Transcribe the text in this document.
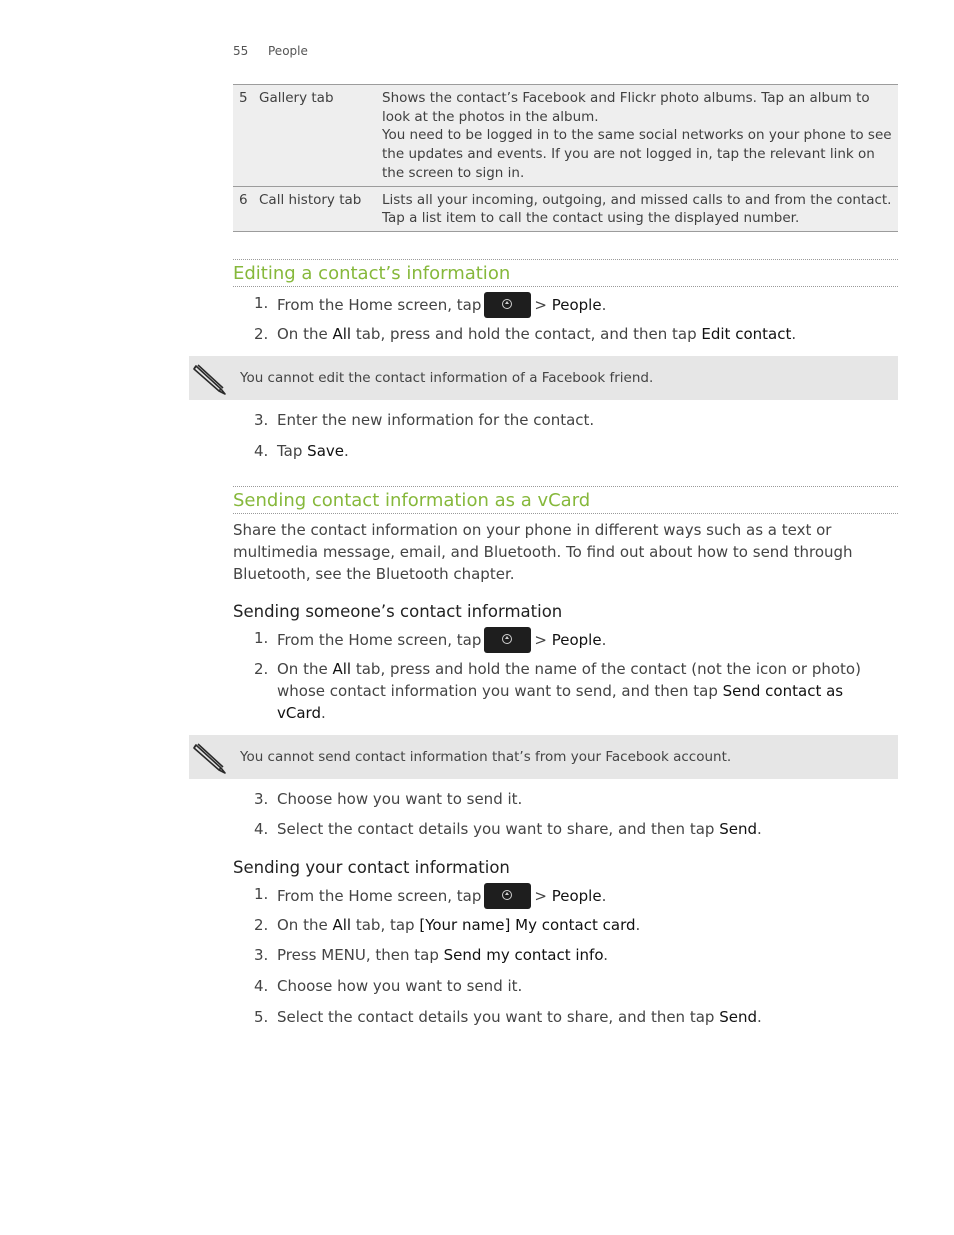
55 People
5	Gallery tab	Shows the contact’s Facebook and Flickr photo albums. Tap an album to look at the photos in the album.
You need to be logged in to the same social networks on your phone to see the updates and events. If you are not logged in, tap the relevant link on the screen to sign in.

6	Call history tab	Lists all your incoming, outgoing, and missed calls to and from the contact. Tap a list item to call the contact using the displayed number.
Editing a contact’s information
1. From the Home screen, tap	> People.
2. On the All tab, press and hold the contact, and then tap Edit contact.
You cannot edit the contact information of a Facebook friend.
3. Enter the new information for the contact.
4. Tap Save.
Sending contact information as a vCard
Share the contact information on your phone in different ways such as a text or multimedia message, email, and Bluetooth. To find out about how to send through Bluetooth, see the Bluetooth chapter.
Sending someone’s contact information
1. From the Home screen, tap	> People.
2. On the All tab, press and hold the name of the contact (not the icon or photo) whose contact information you want to send, and then tap Send contact as vCard.
You cannot send contact information that’s from your Facebook account.
3. Choose how you want to send it.
4. Select the contact details you want to share, and then tap Send.
Sending your contact information
1. From the Home screen, tap	> People.
2. On the All tab, tap [Your name] My contact card.
3. Press MENU, then tap Send my contact info.
4. Choose how you want to send it.
5. Select the contact details you want to share, and then tap Send.
